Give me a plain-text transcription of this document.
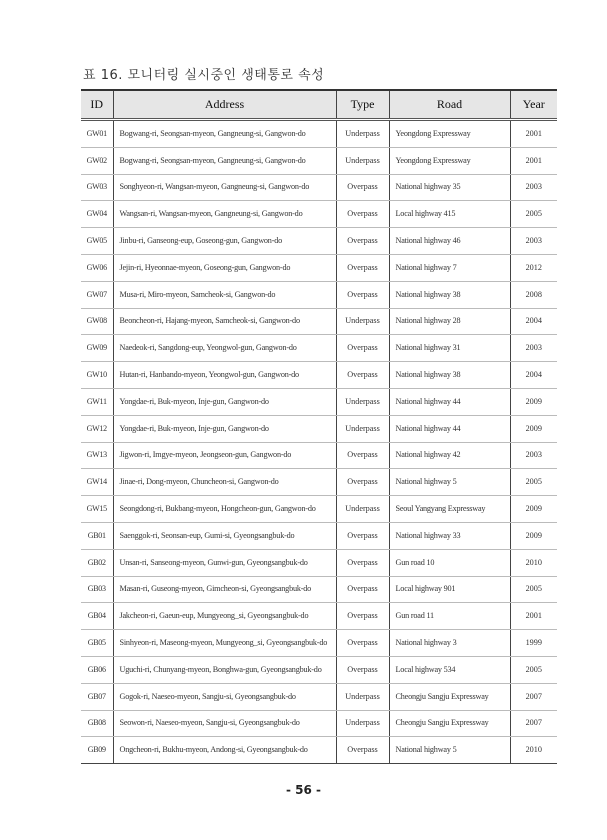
표 16. 모니터링 실시중인 생태통로 속성
ID	Address	Type	Road	Year
GW01	Bogwang-ri, Seongsan-myeon, Gangneung-si, Gangwon-do	Underpass	Yeongdong Expressway	2001
GW02	Bogwang-ri, Seongsan-myeon, Gangneung-si, Gangwon-do	Underpass	Yeongdong Expressway	2001
GW03	Songhyeon-ri, Wangsan-myeon, Gangneung-si, Gangwon-do	Overpass	National highway 35	2003
GW04	Wangsan-ri, Wangsan-myeon, Gangneung-si, Gangwon-do	Overpass	Local highway 415	2005
GW05	Jinbu-ri, Ganseong-eup, Goseong-gun, Gangwon-do	Overpass	National highway 46	2003
GW06	Jejin-ri, Hyeonnae-myeon, Goseong-gun, Gangwon-do	Overpass	National highway 7	2012
GW07	Musa-ri, Miro-myeon, Samcheok-si, Gangwon-do	Overpass	National highway 38	2008
GW08	Beoncheon-ri, Hajang-myeon, Samcheok-si, Gangwon-do	Underpass	National highway 28	2004
GW09	Naedeok-ri, Sangdong-eup, Yeongwol-gun, Gangwon-do	Overpass	National highway 31	2003
GW10	Hutan-ri, Hanbando-myeon, Yeongwol-gun, Gangwon-do	Overpass	National highway 38	2004
GW11	Yongdae-ri, Buk-myeon, Inje-gun, Gangwon-do	Underpass	National highway 44	2009
GW12	Yongdae-ri, Buk-myeon, Inje-gun, Gangwon-do	Underpass	National highway 44	2009
GW13	Jigwon-ri, Imgye-myeon, Jeongseon-gun, Gangwon-do	Overpass	National highway 42	2003
GW14	Jinae-ri, Dong-myeon, Chuncheon-si, Gangwon-do	Overpass	National highway 5	2005
GW15	Seongdong-ri, Bukbang-myeon, Hongcheon-gun, Gangwon-do	Underpass	Seoul Yangyang Expressway	2009
GB01	Saenggok-ri, Seonsan-eup, Gumi-si, Gyeongsangbuk-do	Overpass	National highway 33	2009
GB02	Unsan-ri, Sanseong-myeon, Gunwi-gun, Gyeongsangbuk-do	Overpass	Gun road 10	2010
GB03	Masan-ri, Guseong-myeon, Gimcheon-si, Gyeongsangbuk-do	Overpass	Local highway 901	2005
GB04	Jakcheon-ri, Gaeun-eup, Mungyeong_si, Gyeongsangbuk-do	Overpass	Gun road 11	2001
GB05	Sinhyeon-ri, Maseong-myeon, Mungyeong_si, Gyeongsangbuk-do	Overpass	National highway 3	1999
GB06	Uguchi-ri, Chunyang-myeon, Bonghwa-gun, Gyeongsangbuk-do	Overpass	Local highway 534	2005
GB07	Gogok-ri, Naeseo-myeon, Sangju-si, Gyeongsangbuk-do	Underpass	Cheongju Sangju Expressway	2007
GB08	Seowon-ri, Naeseo-myeon, Sangju-si, Gyeongsangbuk-do	Underpass	Cheongju Sangju Expressway	2007
GB09	Ongcheon-ri, Bukhu-myeon, Andong-si, Gyeongsangbuk-do	Overpass	National highway 5	2010
- 56 -
